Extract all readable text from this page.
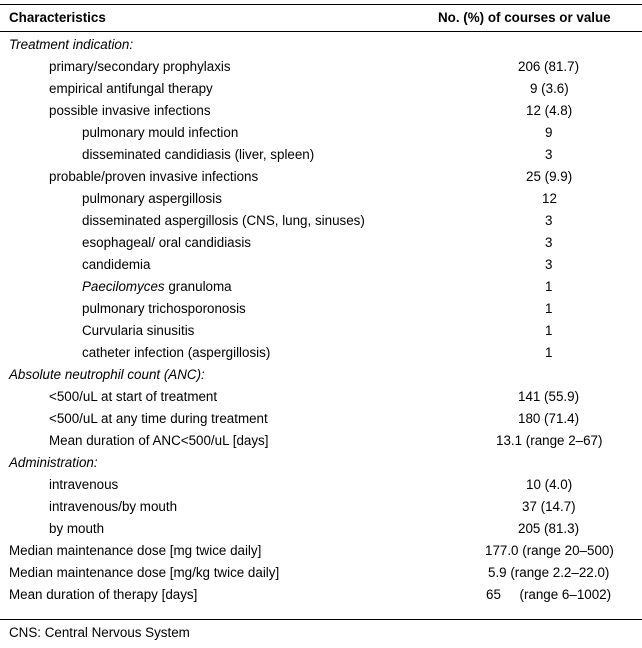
Characteristics	No. (%) of courses or value
Treatment indication:
primary/secondary prophylaxis	206 (81.7)
empirical antifungal therapy	9 (3.6)
possible invasive infections	12 (4.8)
pulmonary mould infection	9
disseminated candidiasis (liver, spleen)	3
probable/proven invasive infections	25 (9.9)
pulmonary aspergillosis	12
disseminated aspergillosis (CNS, lung, sinuses)	3
esophageal/ oral candidiasis	3
candidemia	3
Paecilomyces granuloma	1
pulmonary trichosporonosis	1
Curvularia sinusitis	1
catheter infection (aspergillosis)	1
Absolute neutrophil count (ANC):
<500/uL at start of treatment	141 (55.9)
<500/uL at any time during treatment	180 (71.4)
Mean duration of ANC<500/uL [days]	13.1 (range 2–67)
Administration:
intravenous	10 (4.0)
intravenous/by mouth	37 (14.7)
by mouth	205 (81.3)
Median maintenance dose [mg twice daily]	177.0 (range 20–500)
Median maintenance dose [mg/kg twice daily]	5.9 (range 2.2–22.0)
Mean duration of therapy [days]	65     (range 6–1002)
CNS: Central Nervous System
